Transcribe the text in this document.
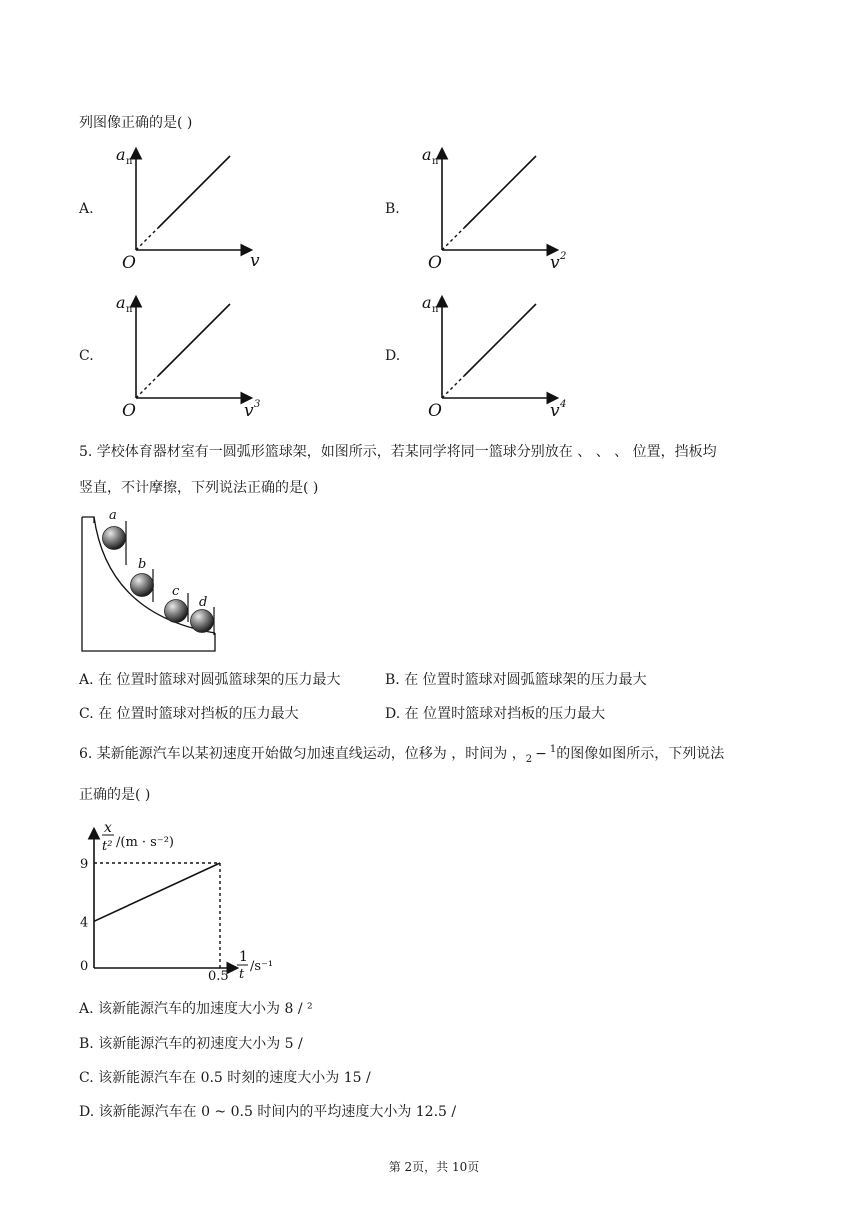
列图像正确的是( )
A.	B.
C.	D.
a n
O	v
a n
O	v 2
a n
O	v 3
a n
O	v 4
5. 学校体育器材室有一圆弧形篮球架，如图所示，若某同学将同一篮球分别放在 、 、 、 位置，挡板均
竖直，不计摩擦，下列说法正确的是( )
a
b
c
d
A. 在 位置时篮球对圆弧篮球架的压力最大	B. 在 位置时篮球对圆弧篮球架的压力最大
C. 在 位置时篮球对挡板的压力最大	D. 在 位置时篮球对挡板的压力最大
6. 某新能源汽车以某初速度开始做匀加速直线运动，位移为 ，时间为 ，2 − 1的图像如图所示，下列说法
正确的是( )
x
t² /(m · s⁻²)
0
9
4
0.5
1
t
/s⁻¹
A. 该新能源汽车的加速度大小为 8 / ²
B. 该新能源汽车的初速度大小为 5 /
C. 该新能源汽车在 0.5 时刻的速度大小为 15 /
D. 该新能源汽车在 0 ~ 0.5 时间内的平均速度大小为 12.5 /
第 2页，共 10页
